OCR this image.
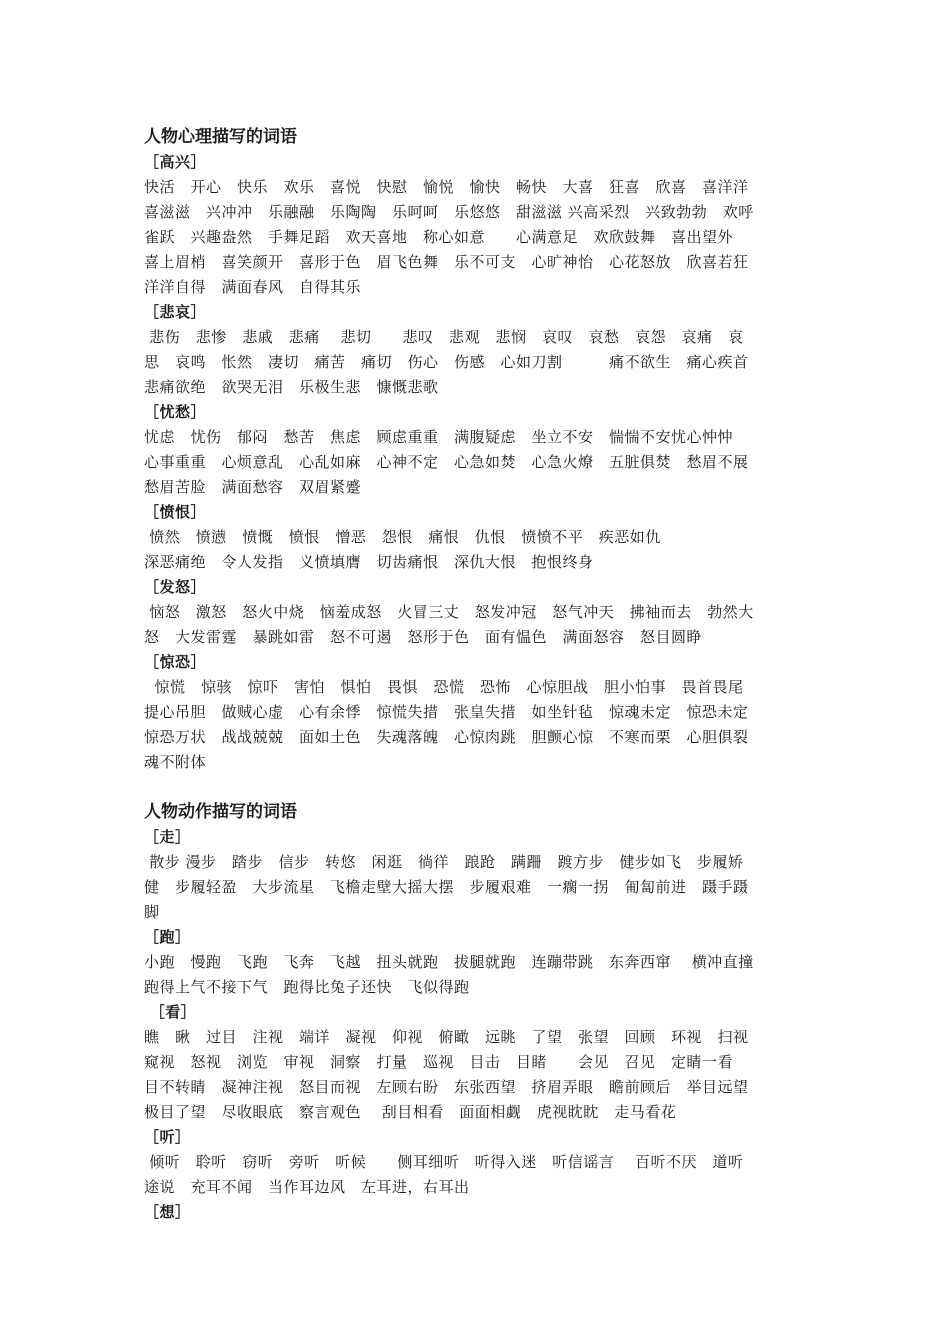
人物心理描写的词语
［高兴］
快活　开心　快乐　欢乐　喜悦　快慰　愉悦　愉快　畅快　大喜　狂喜　欣喜　喜洋洋
喜滋滋　兴冲冲　乐融融　乐陶陶　乐呵呵　乐悠悠　甜滋滋 兴高采烈　兴致勃勃　欢呼
雀跃　兴趣盎然　手舞足蹈　欢天喜地　称心如意　　心满意足　欢欣鼓舞　喜出望外
喜上眉梢　喜笑颜开　喜形于色　眉飞色舞　乐不可支　心旷神怡　心花怒放　欣喜若狂
洋洋自得　满面春风　自得其乐
［悲哀］
悲伤　悲惨　悲戚　悲痛　 悲切　　悲叹　悲观　悲悯　哀叹　哀愁　哀怨　哀痛　哀
思　哀鸣　怅然　凄切　痛苦　痛切　伤心　伤感　心如刀割　　　痛不欲生　痛心疾首
悲痛欲绝　欲哭无泪　乐极生悲　慷慨悲歌
［忧愁］
忧虑　忧伤　郁闷　愁苦　焦虑　顾虑重重　满腹疑虑　坐立不安　惴惴不安忧心忡忡
心事重重　心烦意乱　心乱如麻　心神不定　心急如焚　心急火燎　五脏俱焚　愁眉不展
愁眉苦脸　满面愁容　双眉紧蹙
［愤恨］
愤然　愤懑　愤慨　愤恨　憎恶　怨恨　痛恨　仇恨　愤愤不平　疾恶如仇
深恶痛绝　令人发指　义愤填膺　切齿痛恨　深仇大恨　抱恨终身
［发怒］
恼怒　激怒　怒火中烧　恼羞成怒　火冒三丈　怒发冲冠　怒气冲天　拂袖而去　勃然大
怒　大发雷霆　暴跳如雷　怒不可遏　怒形于色　面有愠色　满面怒容　怒目圆睁
［惊恐］
惊慌　惊骇　惊吓　害怕　惧怕　畏惧　恐慌　恐怖　心惊胆战　胆小怕事　畏首畏尾
提心吊胆　做贼心虚　心有余悸　惊慌失措　张皇失措　如坐针毡　惊魂未定　惊恐未定
惊恐万状　战战兢兢　面如土色　失魂落魄　心惊肉跳　胆颤心惊　不寒而栗　心胆俱裂
魂不附体
人物动作描写的词语
［走］
散步 漫步　踏步　信步　转悠　闲逛　徜徉　踉跄　蹒跚　踱方步　健步如飞　步履矫
健　步履轻盈　大步流星　飞檐走壁大摇大摆　步履艰难　一瘸一拐　匍匐前进　蹑手蹑
脚
［跑］
小跑　慢跑　飞跑　飞奔　飞越　扭头就跑　拔腿就跑　连蹦带跳　东奔西窜　 横冲直撞
跑得上气不接下气　跑得比兔子还快　飞似得跑
［看］
瞧　瞅　过目　注视　端详　凝视　仰视　俯瞰　远眺　了望　张望　回顾　环视　扫视
窥视　怒视　浏览　审视　洞察　打量　巡视　目击　目睹　　会见　召见　定睛一看
目不转睛　凝神注视　怒目而视　左顾右盼　东张西望　挤眉弄眼　瞻前顾后　举目远望
极目了望　尽收眼底　察言观色　 刮目相看　面面相觑　虎视眈眈　走马看花
［听］
倾听　聆听　窃听　旁听　听候　　侧耳细听　听得入迷　听信谣言　 百听不厌　道听
途说　充耳不闻　当作耳边风　左耳进，右耳出
［想］
